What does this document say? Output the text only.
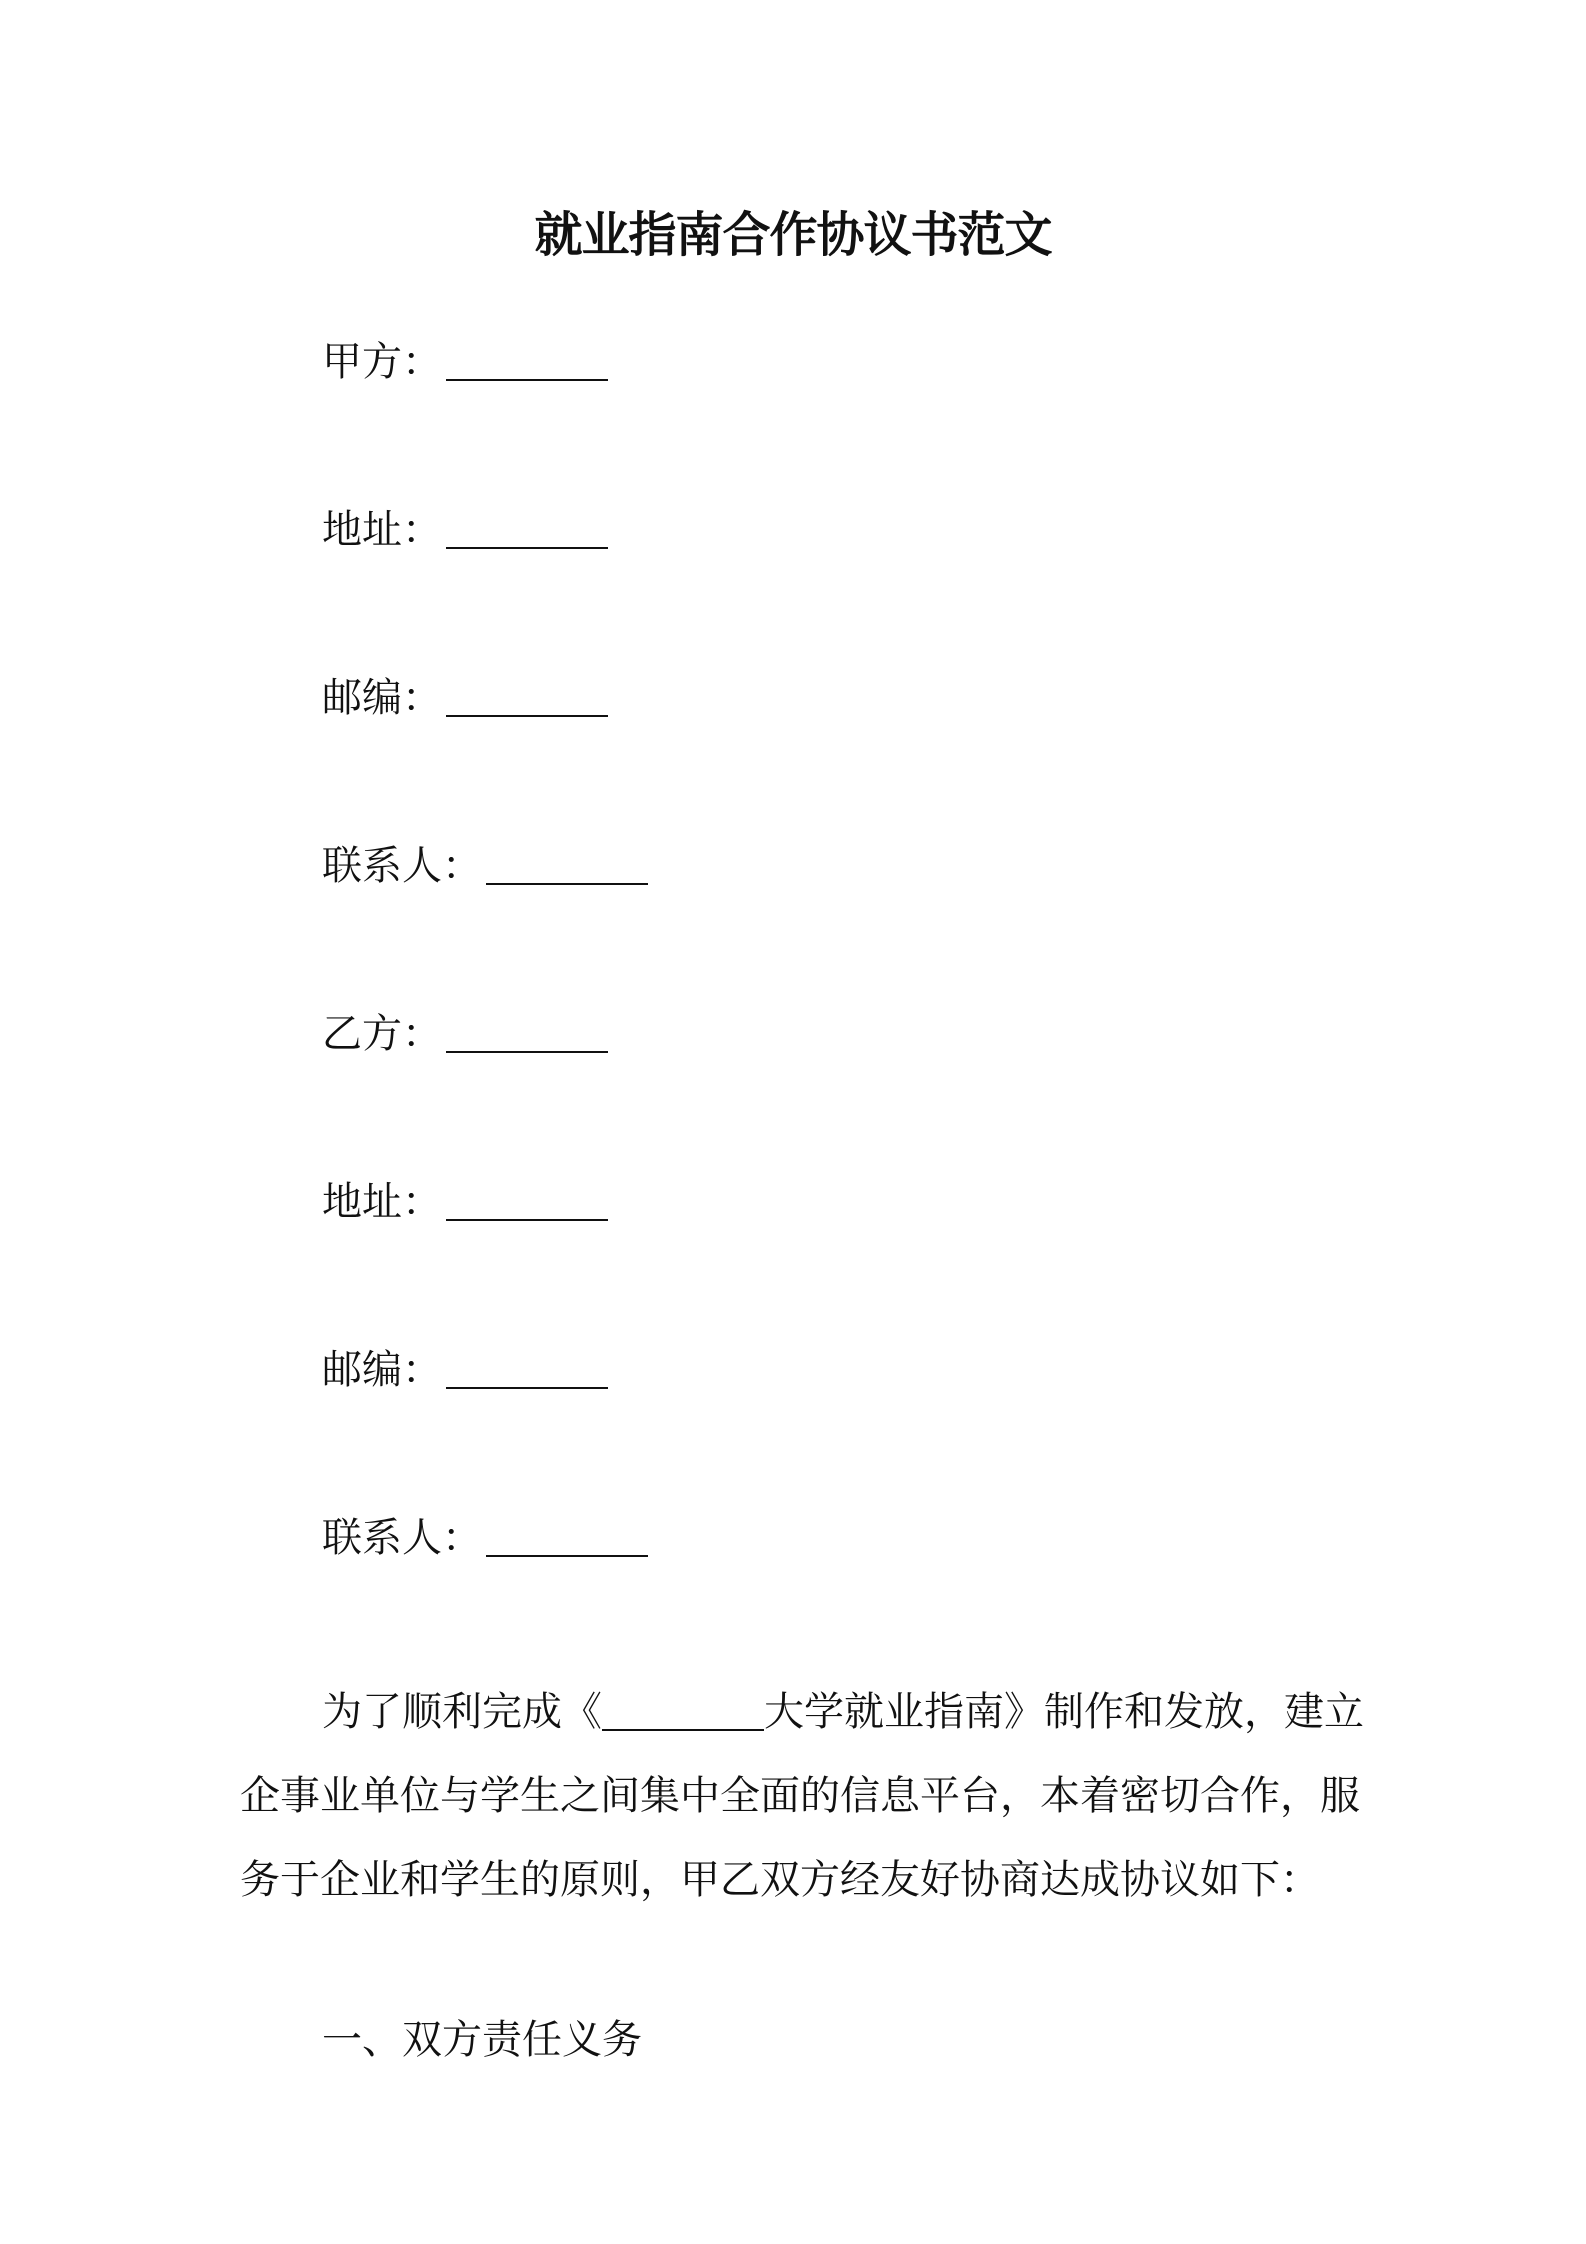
就业指南合作协议书范文
甲方：
地址：
邮编：
联系人：
乙方：
地址：
邮编：
联系人：
为了顺利完成《	大学就业指南》制作和发放，建立
企事业单位与学生之间集中全面的信息平台，本着密切合作，服
务于企业和学生的原则，甲乙双方经友好协商达成协议如下：
一、双方责任义务
